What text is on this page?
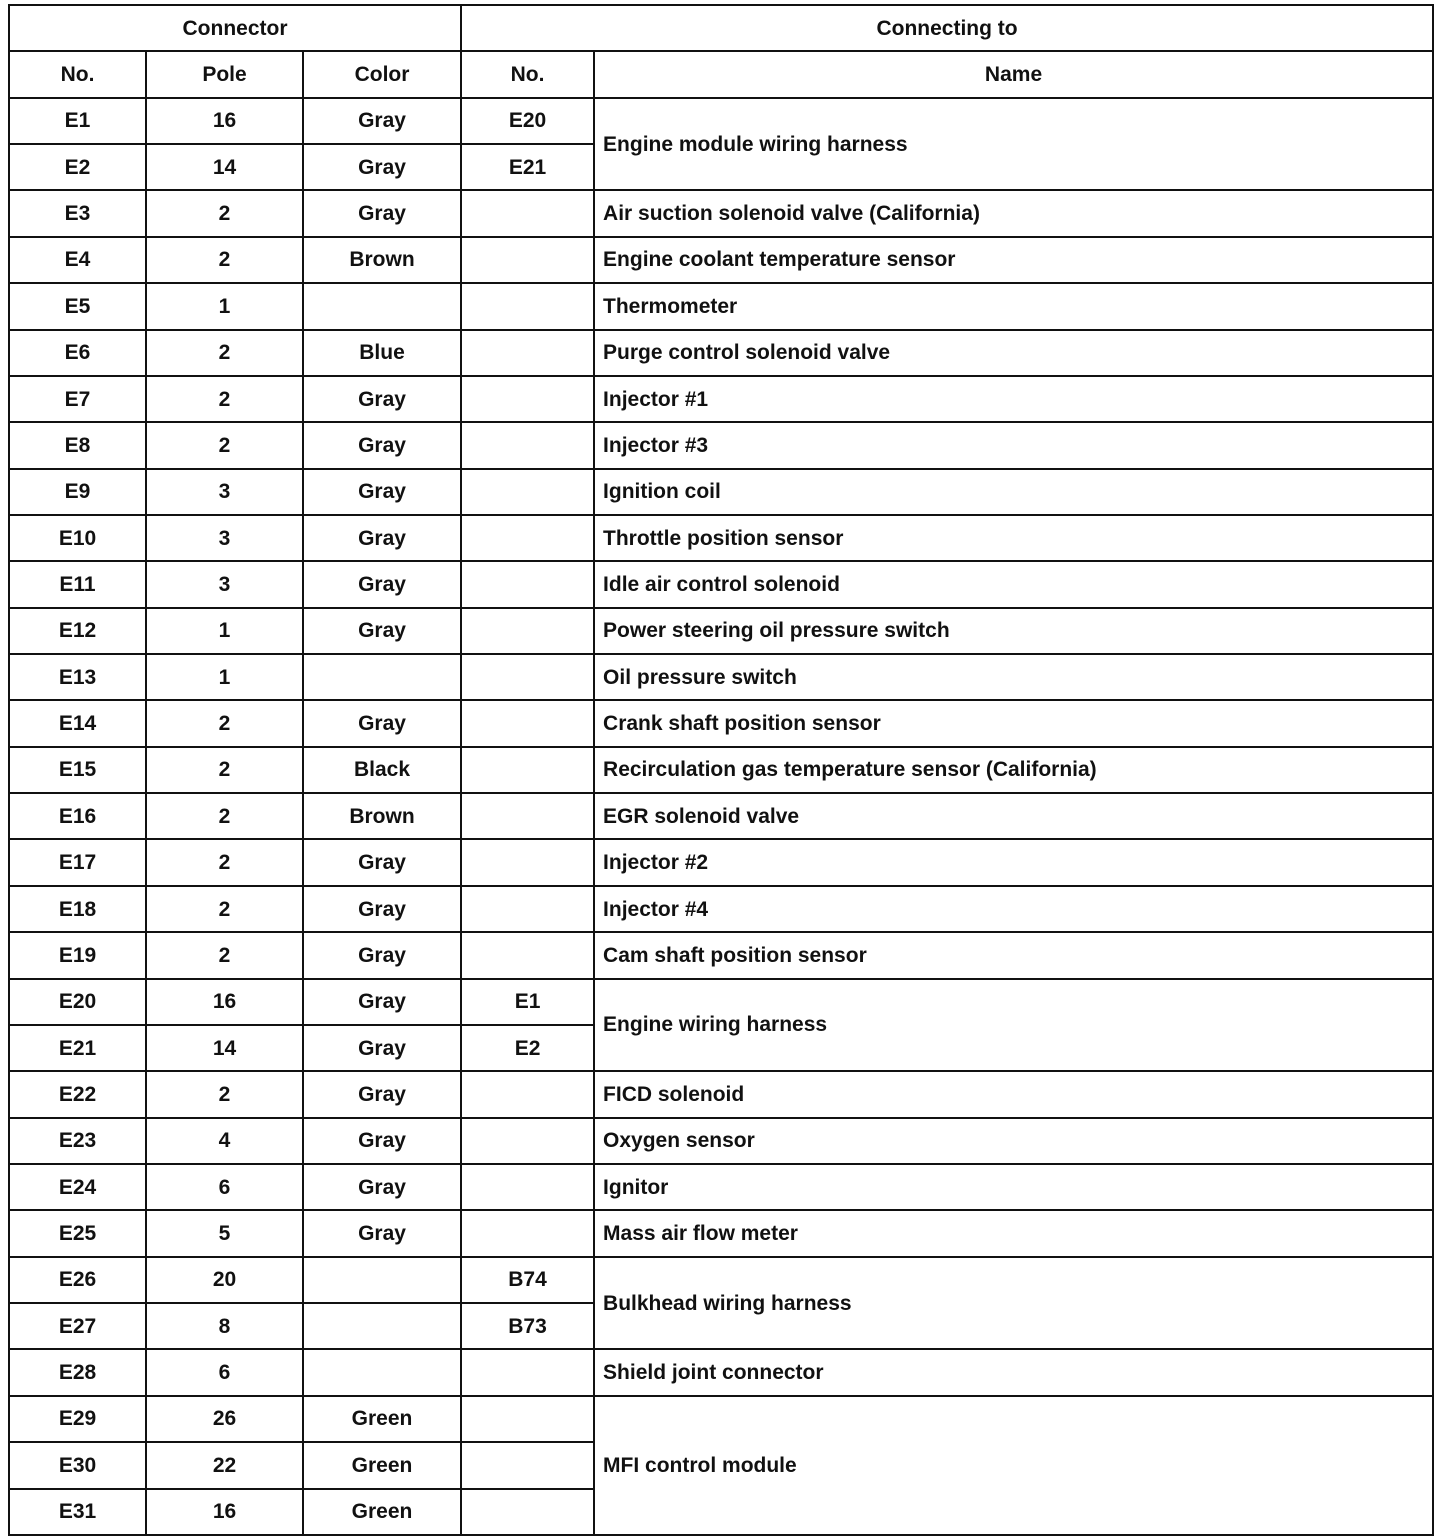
Connector			Connecting to	
No.	Pole	Color	No.	Name
E1	16	Gray	E20	Engine module wiring harness
E2	14	Gray	E21	
E3	2	Gray		Air suction solenoid valve (California)
E4	2	Brown		Engine coolant temperature sensor
E5	1			Thermometer
E6	2	Blue		Purge control solenoid valve
E7	2	Gray		Injector #1
E8	2	Gray		Injector #3
E9	3	Gray		Ignition coil
E10	3	Gray		Throttle position sensor
E11	3	Gray		Idle air control solenoid
E12	1	Gray		Power steering oil pressure switch
E13	1			Oil pressure switch
E14	2	Gray		Crank shaft position sensor
E15	2	Black		Recirculation gas temperature sensor (California)
E16	2	Brown		EGR solenoid valve
E17	2	Gray		Injector #2
E18	2	Gray		Injector #4
E19	2	Gray		Cam shaft position sensor
E20	16	Gray	E1	Engine wiring harness
E21	14	Gray	E2	
E22	2	Gray		FICD solenoid
E23	4	Gray		Oxygen sensor
E24	6	Gray		Ignitor
E25	5	Gray		Mass air flow meter
E26	20		B74	Bulkhead wiring harness
E27	8		B73	
E28	6			Shield joint connector
E29	26	Green		MFI control module
E30	22	Green		
E31	16	Green		
